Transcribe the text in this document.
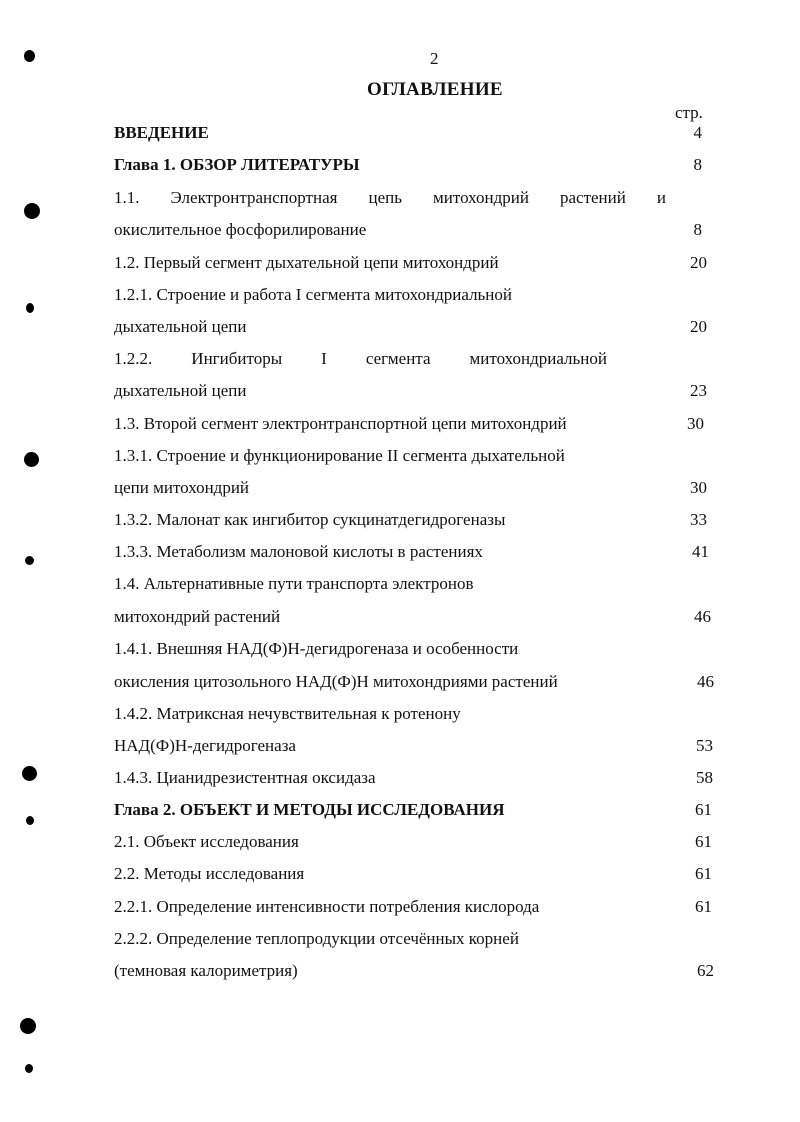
2
ОГЛАВЛЕНИЕ
стр.
ВВЕДЕНИЕ	4
Глава 1. ОБЗОР ЛИТЕРАТУРЫ	8
1.1. Электронтранспортная цепь митохондрий растений и
окислительное фосфорилирование	8
1.2. Первый сегмент дыхательной цепи митохондрий	20
1.2.1. Строение и работа I сегмента митохондриальной
дыхательной цепи	20
1.2.2. Ингибиторы I сегмента митохондриальной
дыхательной цепи	23
1.3. Второй сегмент электронтранспортной цепи митохондрий	30
1.3.1. Строение и функционирование II сегмента дыхательной
цепи митохондрий	30
1.3.2. Малонат как ингибитор сукцинатдегидрогеназы	33
1.3.3. Метаболизм малоновой кислоты в растениях	41
1.4. Альтернативные пути транспорта электронов
митохондрий растений	46
1.4.1. Внешняя НАД(Ф)Н-дегидрогеназа и особенности
окисления цитозольного НАД(Ф)Н митохондриями растений	46
1.4.2. Матриксная нечувствительная к ротенону
НАД(Ф)Н-дегидрогеназа	53
1.4.3. Цианидрезистентная оксидаза	58
Глава 2. ОБЪЕКТ И МЕТОДЫ ИССЛЕДОВАНИЯ	61
2.1. Объект исследования	61
2.2. Методы исследования	61
2.2.1. Определение интенсивности потребления кислорода	61
2.2.2. Определение теплопродукции отсечённых корней
(темновая калориметрия)	62
